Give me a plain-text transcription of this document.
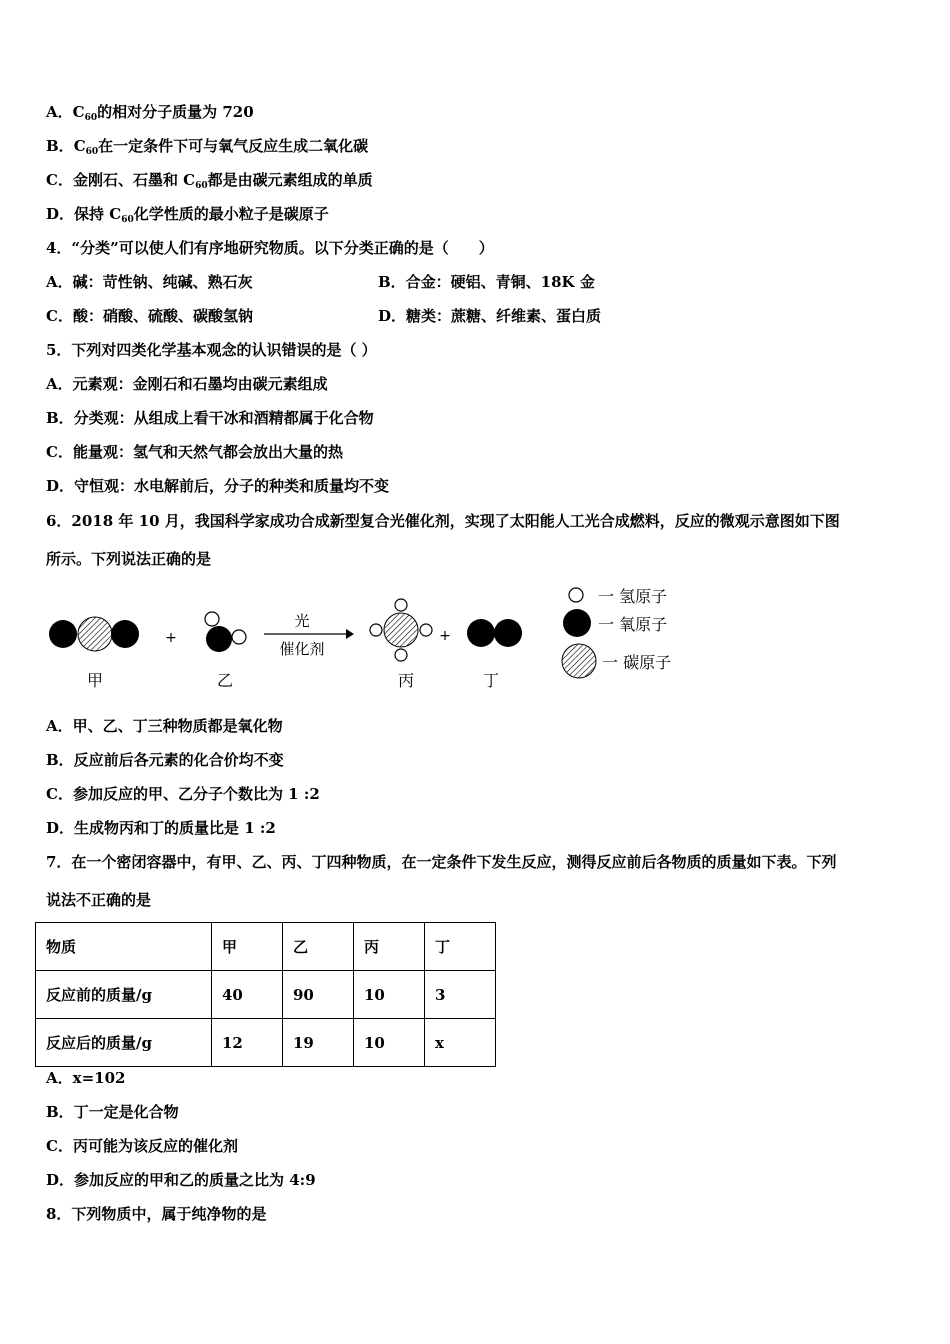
A．$C_{60}$的相对分子质量为 720
B．$C_{60}$在一定条件下可与氧气反应生成二氧化碳
C．金刚石、石墨和 $C_{60}$都是由碳元素组成的单质
D．保持 $C_{60}$化学性质的最小粒子是碳原子
4．“分类”可以使人们有序地研究物质。以下分类正确的是（　　）
A．碱：苛性钠、纯碱、熟石灰	B．合金：硬铝、青铜、18K 金
C．酸：硝酸、硫酸、碳酸氢钠	D．糖类：蔗糖、纤维素、蛋白质
5．下列对四类化学基本观念的认识错误的是（ ）
A．元素观：金刚石和石墨均由碳元素组成
B．分类观：从组成上看干冰和酒精都属于化合物
C．能量观：氢气和天然气都会放出大量的热
D．守恒观：水电解前后，分子的种类和质量均不变
6．2018 年 10 月，我国科学家成功合成新型复合光催化剂，实现了太阳能人工光合成燃料，反应的微观示意图如下图
所示。下列说法正确的是
甲
+
乙
光
催化剂
丙
+
丁
一 氢原子
一 氧原子
一 碳原子
A．甲、乙、丁三种物质都是氧化物
B．反应前后各元素的化合价均不变
C．参加反应的甲、乙分子个数比为 1 :2
D．生成物丙和丁的质量比是 1 :2
7．在一个密闭容器中，有甲、乙、丙、丁四种物质，在一定条件下发生反应，测得反应前后各物质的质量如下表。下列
说法不正确的是
物质	甲	乙	丙	丁
反应前的质量/g	40	90	10	3
反应后的质量/g	12	19	10	x
A．x=102
B．丁一定是化合物
C．丙可能为该反应的催化剂
D．参加反应的甲和乙的质量之比为 4:9
8．下列物质中，属于纯净物的是
